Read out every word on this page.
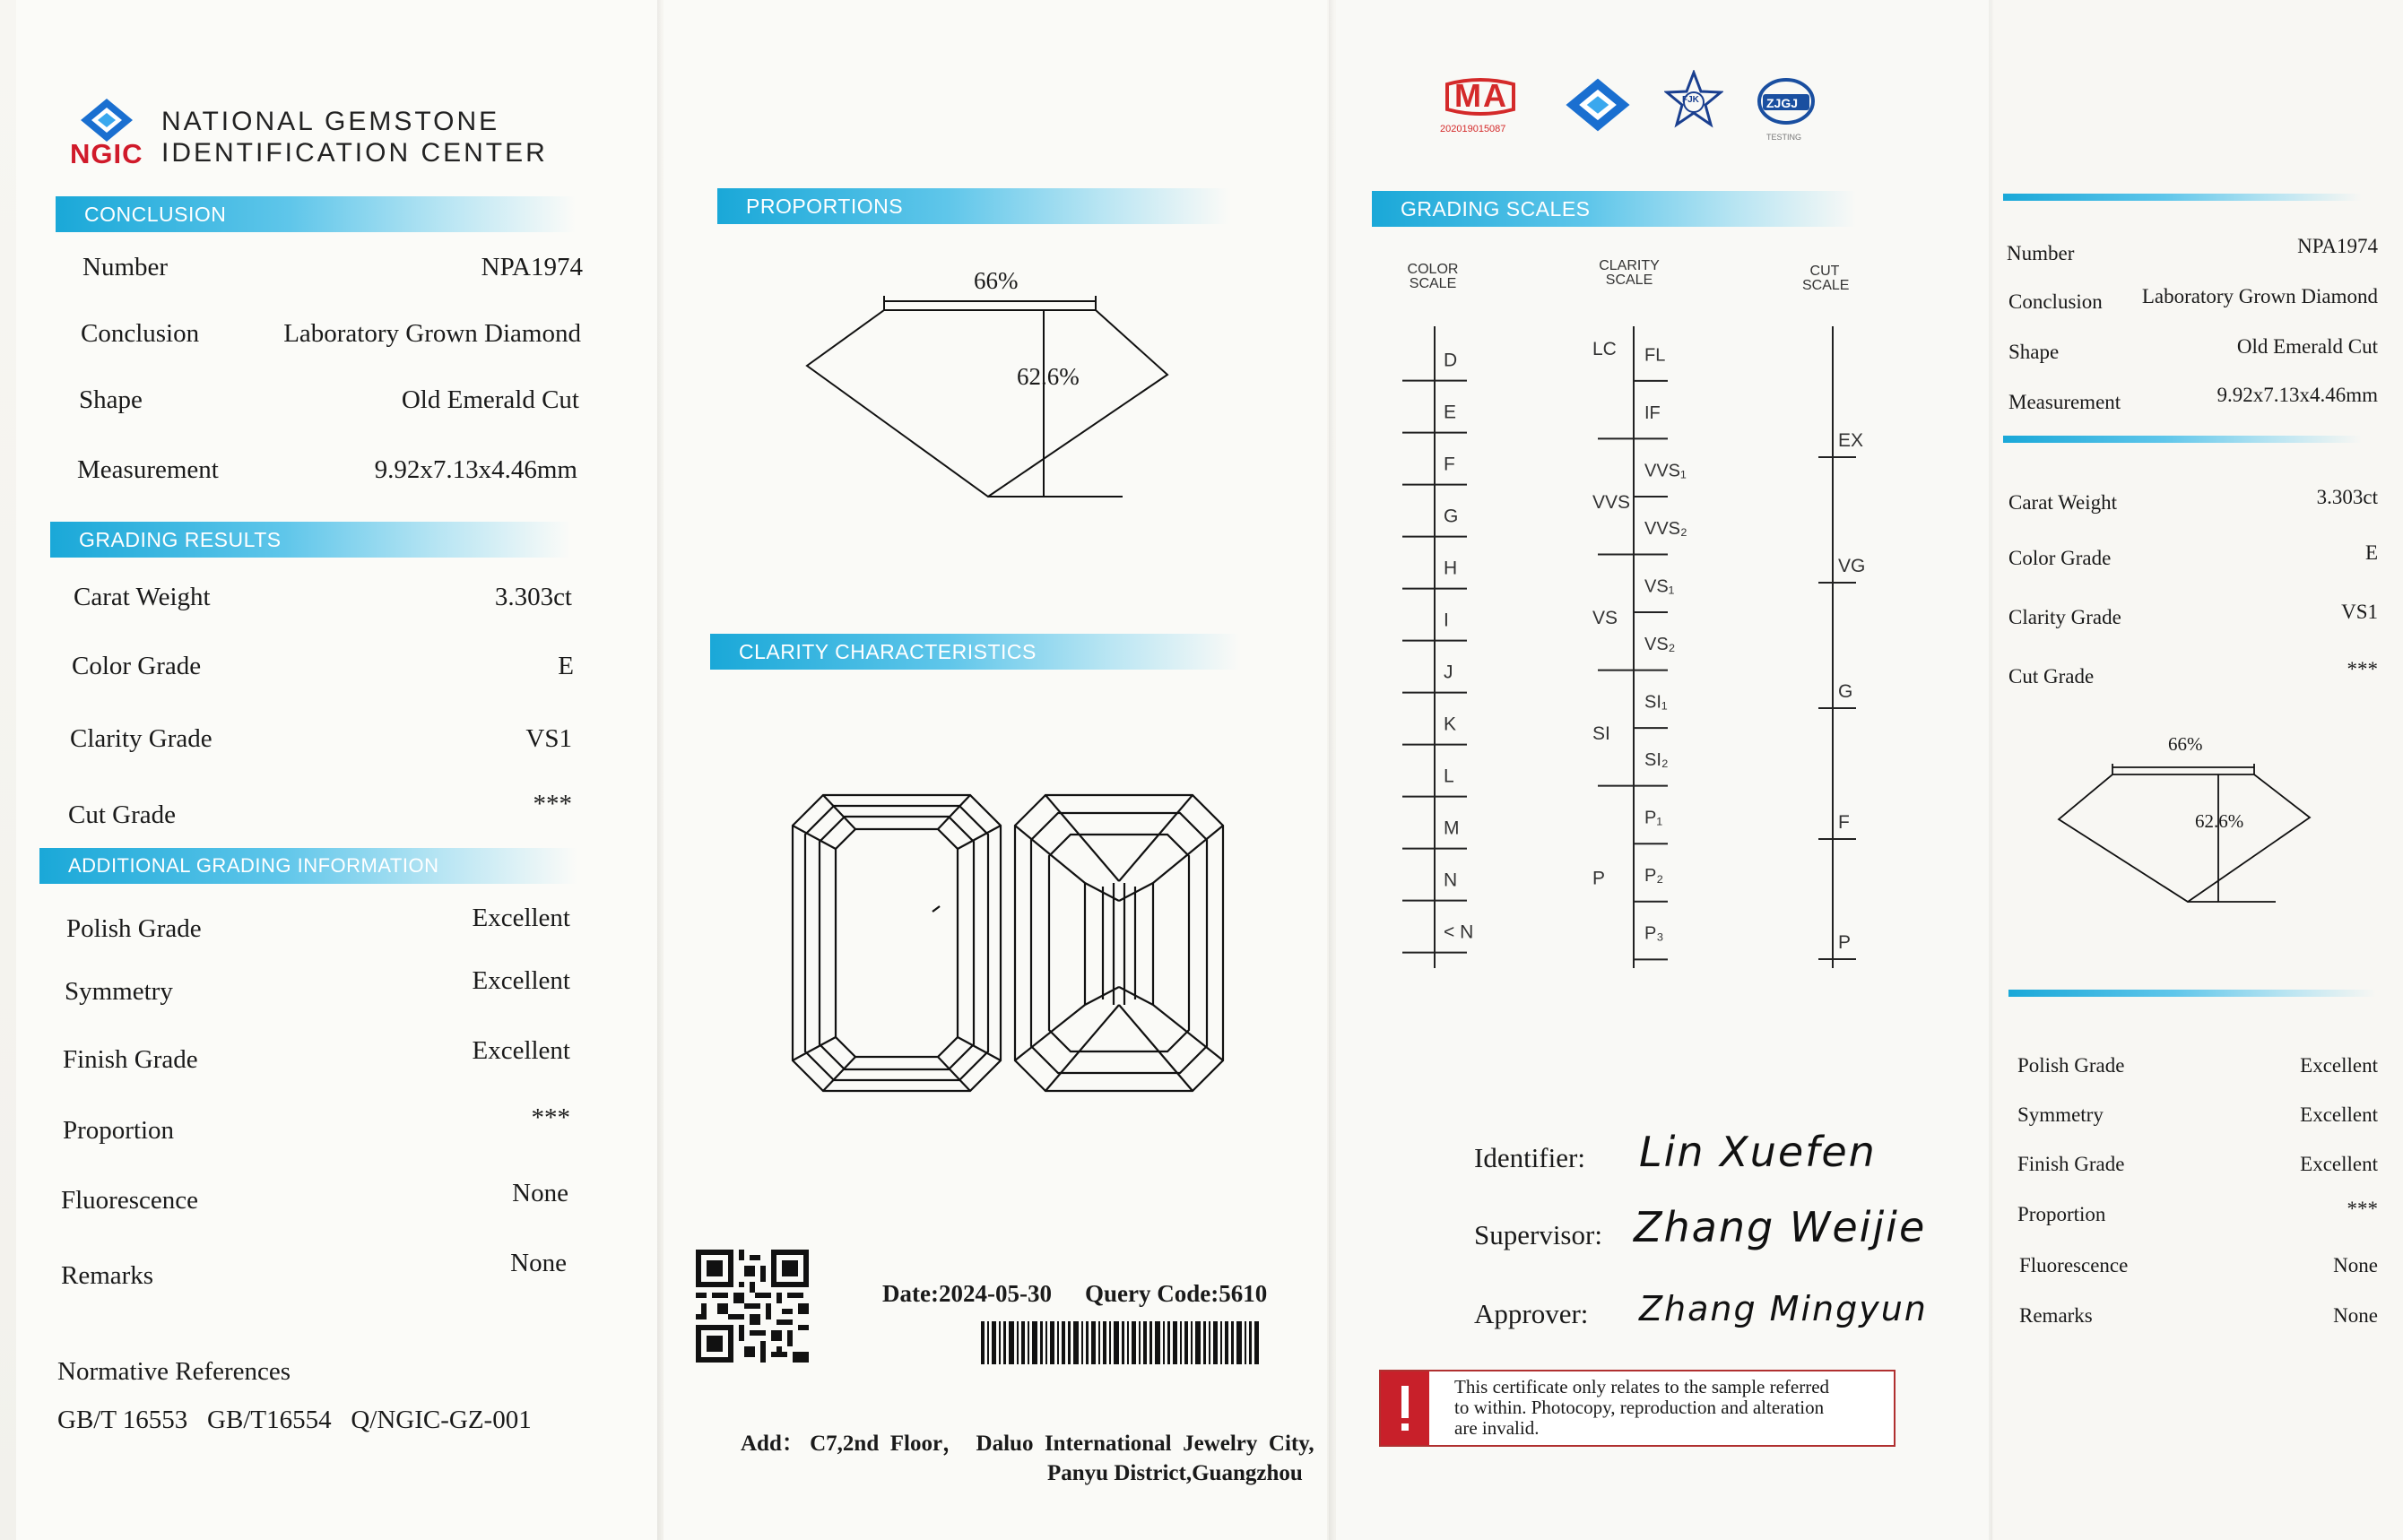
NATIONAL GEMSTONE
IDENTIFICATION CENTER
NGIC
CONCLUSION
Number	NPA1974
Conclusion	Laboratory Grown Diamond
Shape	Old Emerald Cut
Measurement	9.92x7.13x4.46mm
GRADING RESULTS
Carat Weight	3.303ct
Color Grade	E
Clarity Grade	VS1
Cut Grade	***
ADDITIONAL GRADING INFORMATION
Polish Grade	Excellent
Symmetry	Excellent
Finish Grade	Excellent
Proportion	***
Fluorescence	None
Remarks	None
Normative References
GB/T 16553   GB/T16554   Q/NGIC-GZ-001
PROPORTIONS
66%
62.6%
CLARITY CHARACTERISTICS
Date:2024-05-30 Query Code:5610
Add： C7,2nd  Floor，  Daluo  International  Jewelry  City,
Panyu District,Guangzhou
MA
202019015087
FJK	ZJGJ
TESTING
GRADING SCALES
COLOR
SCALE
CLARITY
SCALE
CUT
SCALE
D
E
F
G
H
I
J
K
L
M
N
< N
FL
IF
VVS₁
VVS₂
VS₁
VS₂
SI₁
SI₂
P₁
P₂
P₃
LC
VVS
VS
SI
P
EX
VG
G
F
P
Identifier: Lin Xuefen
Supervisor: Zhang Weijie
Approver: Zhang Mingyun
This certificate only relates to the sample referred
to within. Photocopy, reproduction and alteration
are invalid.
Number	NPA1974
Conclusion Laboratory Grown Diamond
Shape	Old Emerald Cut
Measurement	9.92x7.13x4.46mm
Carat Weight	3.303ct
Color Grade	E
Clarity Grade	VS1
Cut Grade	***
66%
62.6%
Polish Grade	Excellent
Symmetry	Excellent
Finish Grade	Excellent
Proportion	***
Fluorescence	None
Remarks	None
